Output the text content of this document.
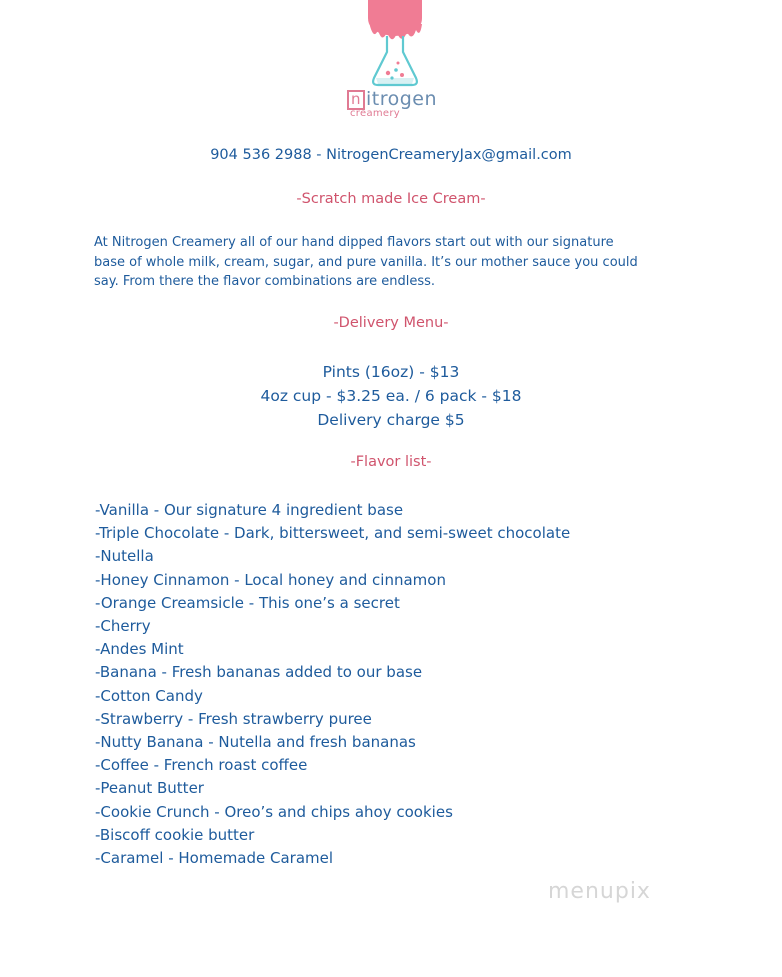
n itrogen
creamery
904 536 2988 - NitrogenCreameryJax@gmail.com
-Scratch made Ice Cream-
At Nitrogen Creamery all of our hand dipped flavors start out with our signature
base of whole milk, cream, sugar, and pure vanilla. It’s our mother sauce you could
say. From there the flavor combinations are endless.
-Delivery Menu-
Pints (16oz) - $13
4oz cup - $3.25 ea. / 6 pack - $18
Delivery charge $5
-Flavor list-
-Vanilla - Our signature 4 ingredient base
-Triple Chocolate - Dark, bittersweet, and semi-sweet chocolate
-Nutella
-Honey Cinnamon - Local honey and cinnamon
-Orange Creamsicle - This one’s a secret
-Cherry
-Andes Mint
-Banana - Fresh bananas added to our base
-Cotton Candy
-Strawberry - Fresh strawberry puree
-Nutty Banana - Nutella and fresh bananas
-Coffee - French roast coffee
-Peanut Butter
-Cookie Crunch - Oreo’s and chips ahoy cookies
-Biscoff cookie butter
-Caramel - Homemade Caramel
menupix
